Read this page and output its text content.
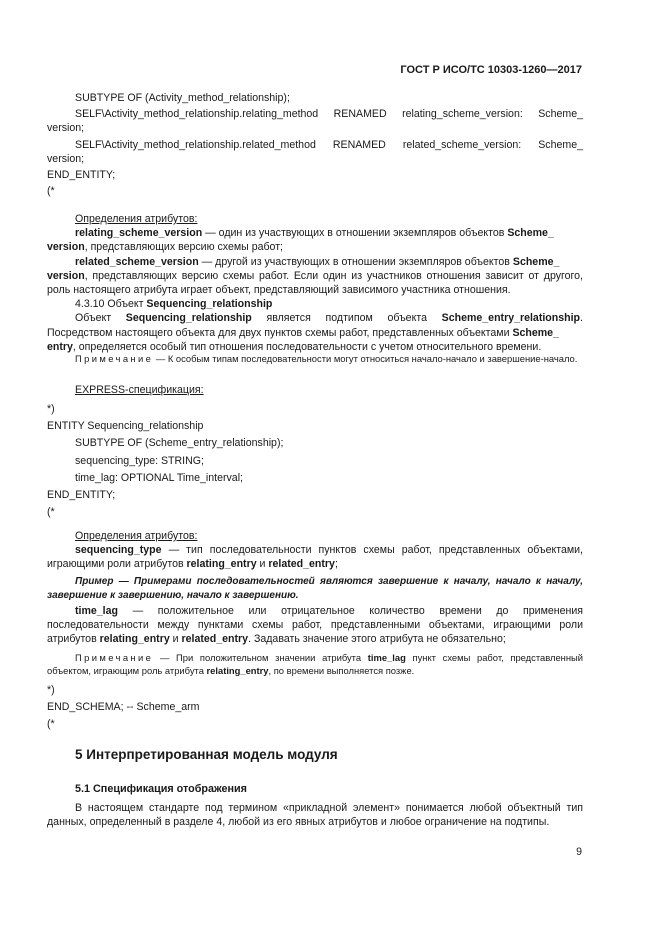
ГОСТ Р ИСО/ТС 10303-1260—2017
SUBTYPE OF (Activity_method_relationship);
SELF\Activity_method_relationship.relating_method RENAMED relating_scheme_version: Scheme_
version;
SELF\Activity_method_relationship.related_method RENAMED related_scheme_version: Scheme_
version;
END_ENTITY;
(*
Определения атрибутов:
relating_scheme_version — один из участвующих в отношении экземпляров объектов Scheme_
version, представляющих версию схемы работ;
related_scheme_version — другой из участвующих в отношении экземпляров объектов Scheme_
version, представляющих версию схемы работ. Если один из участников отношения зависит от другого, роль настоящего атрибута играет объект, представляющий зависимого участника отношения.
4.3.10 Объект Sequencing_relationship
Объект Sequencing_relationship является подтипом объекта Scheme_entry_relationship. Посредством настоящего объекта для двух пунктов схемы работ, представленных объектами Scheme_
entry, определяется особый тип отношения последовательности с учетом относительного времени.
Примечание — К особым типам последовательности могут относиться начало-начало и завершение-начало.
EXPRESS-спецификация:
*)
ENTITY Sequencing_relationship
SUBTYPE OF (Scheme_entry_relationship);
sequencing_type: STRING;
time_lag: OPTIONAL Time_interval;
END_ENTITY;
(*
Определения атрибутов:
sequencing_type — тип последовательности пунктов схемы работ, представленных объектами, играющими роли атрибутов relating_entry и related_entry;
Пример — Примерами последовательностей являются завершение к началу, начало к началу, завершение к завершению, начало к завершению.
time_lag — положительное или отрицательное количество времени до применения последовательности между пунктами схемы работ, представленными объектами, играющими роли атрибутов relating_entry и related_entry. Задавать значение этого атрибута не обязательно;
Примечание — При положительном значении атрибута time_lag пункт схемы работ, представленный объектом, играющим роль атрибута relating_entry, по времени выполняется позже.
*)
END_SCHEMA; -- Scheme_arm
(*
5 Интерпретированная модель модуля
5.1 Спецификация отображения
В настоящем стандарте под термином «прикладной элемент» понимается любой объектный тип данных, определенный в разделе 4, любой из его явных атрибутов и любое ограничение на подтипы.
9
